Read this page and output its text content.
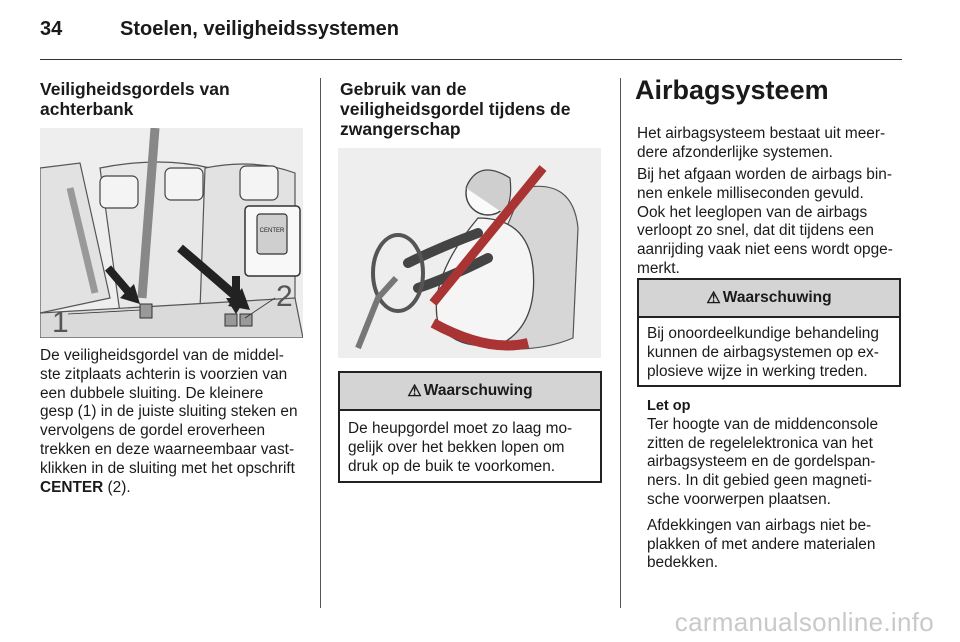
34	Stoelen, veiligheidssystemen
Veiligheidsgordels van
achterbank
CENTER
1
2

De veiligheidsgordel van de middel-

ste zitplaats achterin is voorzien van

een dubbele sluiting. De kleinere

gesp (1) in de juiste sluiting steken en

vervolgens de gordel eroverheen

trekken en deze waarneembaar vast-

klikken in de sluiting met het opschrift

CENTER (2).

Gebruik van de
veiligheidsgordel tijdens de
zwangerschap
⚠ Waarschuwing
De heupgordel moet zo laag mo-
gelijk over het bekken lopen om
druk op de buik te voorkomen.
Airbagsysteem

Het airbagsysteem bestaat uit meer-

dere afzonderlijke systemen.

Bij het afgaan worden de airbags bin-

nen enkele milliseconden gevuld.

Ook het leeglopen van de airbags

verloopt zo snel, dat dit tijdens een

aanrijding vaak niet eens wordt opge-

merkt.

⚠ Waarschuwing
Bij onoordeelkundige behandeling
kunnen de airbagsystemen op ex-
plosieve wijze in werking treden.

Let op

Ter hoogte van de middenconsole

zitten de regelelektronica van het

airbagsysteem en de gordelspan-

ners. In dit gebied geen magneti-

sche voorwerpen plaatsen.

Afdekkingen van airbags niet be-

plakken of met andere materialen

bedekken.

carmanualsonline.info
